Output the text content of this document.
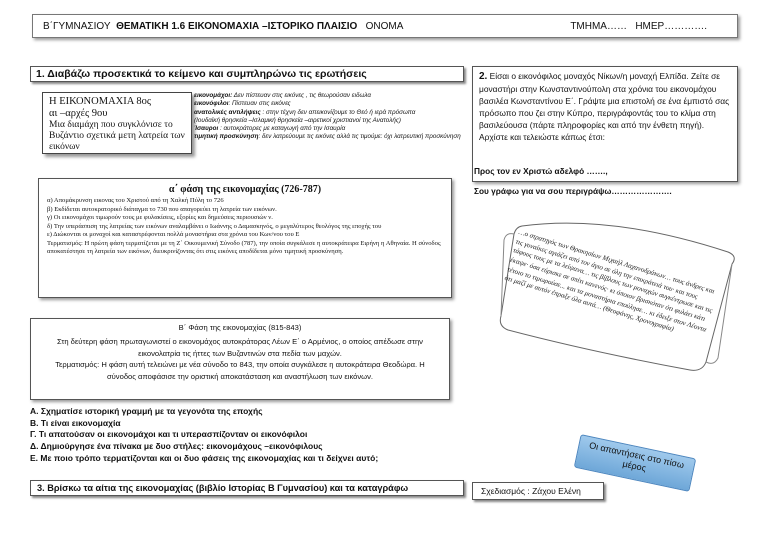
Β΄ΓΥΜΝΑΣΙΟΥ ΘΕΜΑΤΙΚΗ 1.6 ΕΙΚΟΝΟΜΑΧΙΑ –ΙΣΤΟΡΙΚΟ ΠΛΑΙΣΙΟ ΟΝΟΜΑ	ΤΜΗΜΑ…… ΗΜΕΡ………….
1. Διαβάζω προσεκτικά το κείμενο και συμπληρώνω τις ερωτήσεις
Η ΕΙΚΟΝΟΜΑΧΙΑ 8ος
αι –αρχές 9ου
Μια διαμάχη που συγκλόνισε το Βυζάντιο σχετικά μετη λατρεία των εικόνων
εικονομάχοι: Δεν πίστευαν στις εικόνες , τις θεωρούσαν ειδωλα
εικονόφιλοι: Πίστευαν στις εικόνες
ανατολικές αντιλήψεις : στην τέχνη δεν απεικονίζουμε το Θεό ή ιερά πρόσωπα
(Ιουδαϊκή θρησκεία –Ισλαμική θρησκεία –αιρετικοί χριστιανοί της Ανατολής)
Ίσαυροι : αυτοκράτορες με καταγωγή από την Ισαυρία
τιμητική προσκύνηση: δεν λατρεύουμε τις εικόνες αλλά τις τιμούμε: όχι λατρευτική προσκύνηση
α΄ φάση της εικονομαχίας (726-787)
α) Απομάκρυνση εικονας του Χριστού από τη Χαλκή Πύλη το 726
β) Εκδίδεται αυτοκρατορικό διάταγμα το 730 που απαγορεύει τη λατρεία των εικόνων.
γ) Οι εικονομάχοι τιμωρούν τους με φυλακίσεις, εξορίες και δημεύσεις περιουσιών ν.
δ) Την υπεράσπιση της λατρείας των εικόνων αναλαμβάνει ο Ιωάννης ο Δαμασκηνός, ο μεγαλύτερος θεολόγος της εποχής του
ε) Διώκονται οι μοναχοί και καταστρέφονται πολλά μοναστήρια στα χρόνια του Κων/νου του Ε
Τερματισμός: Η πρώτη φάση τερματίζεται με τη Ζ΄ Οικουμενική Σύνοδο (787), την οποία συγκάλεσε η αυτοκράτειρα Ειρήνη η Αθηναία. Η σύνοδος αποκατέστησε τη λατρεία των εικόνων, διευκρινίζοντας ότι στις εικόνες αποδίδεται μόνο τιμητική προσκύνηση.
Β΄ Φάση της εικονομαχίας (815-843)
Στη δεύτερη φάση πρωταγωνιστεί ο εικονομάχος αυτοκράτορας Λέων Ε΄ ο Αρμένιος, ο οποίος απέδωσε στην εικονολατρία τις ήττες των Βυζαντινών στα πεδία των μαχών.
Τερματισμός: Η φάση αυτή τελειώνει με νέα σύνοδο το 843, την οποία συγκάλεσε η αυτοκράτειρα Θεοδώρα. Η σύνοδος αποφάσισε την οριστική αποκατάσταση και αναστήλωση των εικόνων.
Α. Σχηματίσε ιστορική γραμμή με τα γεγονότα της εποχής
Β. Τι είναι εικονομαχία
Γ. Τι απατούσαν οι εικονομάχοι και τι υπερασπίζονταν οι εικονόφιλοι
Δ. Δημιούργησε ένα πίνακα με δυο στήλες: εικονομάχους –εικονόφιλους
Ε. Με ποιο τρόπο τερματίζονται και οι δυο φάσεις της εικονομαχίας και τι δείχνει αυτό;
3. Βρίσκω τα αίτια της εικονομαχίας (βιβλίο Ιστορίας Β Γυμνασίου) και τα καταγράφω
2. Είσαι ο εικονόφιλος μοναχός Νίκων/η μοναχή Ελπίδα. Ζείτε σε μοναστήρι στην Κωνσταντινούπολη στα χρόνια του εικονομάχου βασιλέα Κωνσταντίνου Ε΄. Γράψτε μια επιστολή σε ένα έμπιστό σας πρόσωπο που ζει στην Κύπρο, περιγράφοντάς του το κλίμα στη βασιλεύουσα (πάρτε πληροφορίες και από την ένθετη πηγή). Αρχίστε και τελειώστε κάπως έτσι:
Προς τον εν Χριστώ αδελφό …….,
Σου γράφω για να σου περιγράψω………………….
…ο στρατηγός των Θρακησίων Μιχαήλ Λαχανοδράκων… τους άνδρες και τις γυναίκες αγιάζει από τον άγιο σε όλη την επικράτειά του· και τους τάφους τους με τα λείψανα… τις βίβλους των μοναχών συγκέντρωσε και τις έκαψε· όσα εύρισκε σε σπίτι κανενός· κι όποιον βρισκόταν ότι φυλάει κάτι τέτοιο το τιμωρούσε... και τα μοναστήρια επούλησε… κι έδειξε στον Λέοντα ότι μαζί με αυτόν έπραξε όλα αυτά… (Θεοφάνης, Χρονογραφία)
Οι απαντήσεις στο πίσω μέρος
Σχεδιασμός : Ζάχου Ελένη
